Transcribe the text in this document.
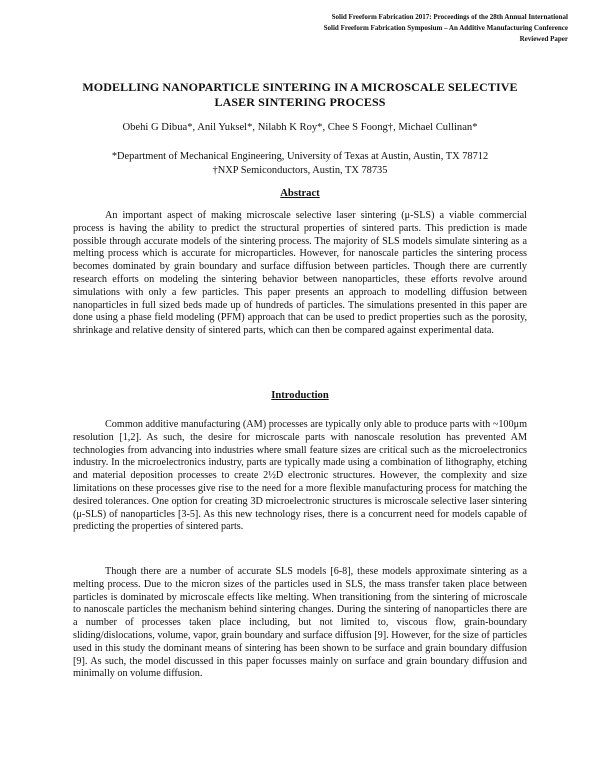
Solid Freeform Fabrication 2017: Proceedings of the 28th Annual International
Solid Freeform Fabrication Symposium – An Additive Manufacturing Conference
Reviewed Paper
MODELLING NANOPARTICLE SINTERING IN A MICROSCALE SELECTIVE
LASER SINTERING PROCESS
Obehi G Dibua*, Anil Yuksel*, Nilabh K Roy*, Chee S Foong†, Michael Cullinan*
*Department of Mechanical Engineering, University of Texas at Austin, Austin, TX 78712
†NXP Semiconductors, Austin, TX 78735
Abstract

An important aspect of making microscale selective laser sintering (μ-SLS) a viable commercial process is having the ability to predict the structural properties of sintered parts. This prediction is made possible through accurate models of the sintering process. The majority of SLS models simulate sintering as a melting process which is accurate for microparticles. However, for nanoscale particles the sintering process becomes dominated by grain boundary and surface diffusion between particles. Though there are currently research efforts on modeling the sintering behavior between nanoparticles, these efforts revolve around simulations with only a few particles. This paper presents an approach to modelling diffusion between nanoparticles in full sized beds made up of hundreds of particles. The simulations presented in this paper are done using a phase field modeling (PFM) approach that can be used to predict properties such as the porosity, shrinkage and relative density of sintered parts, which can then be compared against experimental data.

Introduction

Common additive manufacturing (AM) processes are typically only able to produce parts with ~100μm resolution [1,2]. As such, the desire for microscale parts with nanoscale resolution has prevented AM technologies from advancing into industries where small feature sizes are critical such as the microelectronics industry. In the microelectronics industry, parts are typically made using a combination of lithography, etching and material deposition processes to create 2½D electronic structures. However, the complexity and size limitations on these processes give rise to the need for a more flexible manufacturing process for matching the desired tolerances. One option for creating 3D microelectronic structures is microscale selective laser sintering (μ-SLS) of nanoparticles [3-5]. As this new technology rises, there is a concurrent need for models capable of predicting the properties of sintered parts.

Though there are a number of accurate SLS models [6-8], these models approximate sintering as a melting process. Due to the micron sizes of the particles used in SLS, the mass transfer taken place between particles is dominated by microscale effects like melting. When transitioning from the sintering of microscale to nanoscale particles the mechanism behind sintering changes. During the sintering of nanoparticles there are a number of processes taken place including, but not limited to, viscous flow, grain-boundary sliding/dislocations, volume, vapor, grain boundary and surface diffusion [9]. However, for the size of particles used in this study the dominant means of sintering has been shown to be surface and grain boundary diffusion [9]. As such, the model discussed in this paper focusses mainly on surface and grain boundary diffusion and minimally on volume diffusion.
